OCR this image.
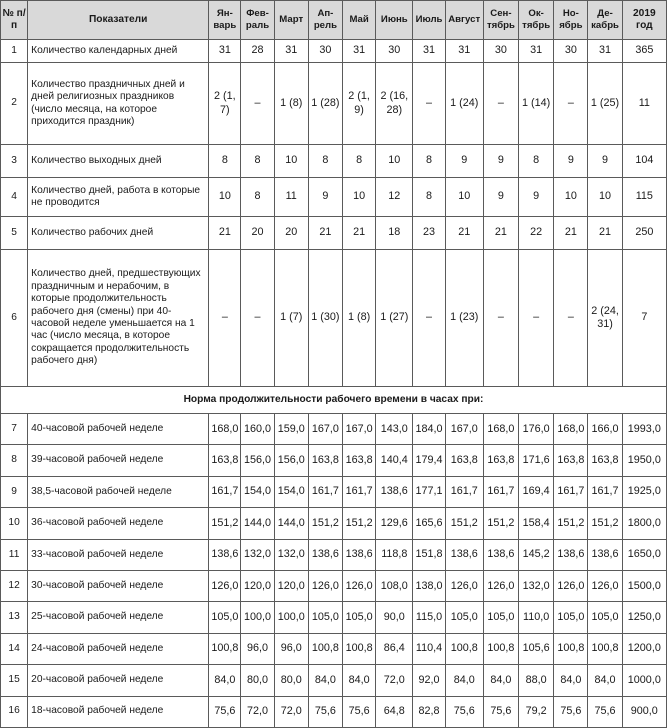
№ п/п	Показатели	Ян-варь	Фев-раль	Март	Ап-рель	Май	Июнь	Июль	Август	Сен-тябрь	Ок-тябрь	Но-ябрь	Де-кабрь	2019 год
1	Количество календарных дней	31	28	31	30	31	30	31	31	30	31	30	31	365
2	Количество праздничных дней и дней религиозных праздников (число месяца, на которое приходится праздник)	2 (1, 7)	–	1 (8)	1 (28)	2 (1, 9)	2 (16, 28)	–	1 (24)	–	1 (14)	–	1 (25)	11
3	Количество выходных дней	8	8	10	8	8	10	8	9	9	8	9	9	104
4	Количество дней, работа в которые не проводится	10	8	11	9	10	12	8	10	9	9	10	10	115
5	Количество рабочих дней	21	20	20	21	21	18	23	21	21	22	21	21	250
6	Количество дней, предшествующих праздничным и нерабочим, в которые продолжительность рабочего дня (смены) при 40-часовой неделе уменьшается на 1 час (число месяца, в которое сокращается продолжительность рабочего дня)	–	–	1 (7)	1 (30)	1 (8)	1 (27)	–	1 (23)	–	–	–	2 (24, 31)	7
Норма продолжительности рабочего времени в часах при:														
7	40-часовой рабочей неделе	168,0	160,0	159,0	167,0	167,0	143,0	184,0	167,0	168,0	176,0	168,0	166,0	1993,0
8	39-часовой рабочей неделе	163,8	156,0	156,0	163,8	163,8	140,4	179,4	163,8	163,8	171,6	163,8	163,8	1950,0
9	38,5-часовой рабочей неделе	161,7	154,0	154,0	161,7	161,7	138,6	177,1	161,7	161,7	169,4	161,7	161,7	1925,0
10	36-часовой рабочей неделе	151,2	144,0	144,0	151,2	151,2	129,6	165,6	151,2	151,2	158,4	151,2	151,2	1800,0
11	33-часовой рабочей неделе	138,6	132,0	132,0	138,6	138,6	118,8	151,8	138,6	138,6	145,2	138,6	138,6	1650,0
12	30-часовой рабочей неделе	126,0	120,0	120,0	126,0	126,0	108,0	138,0	126,0	126,0	132,0	126,0	126,0	1500,0
13	25-часовой рабочей неделе	105,0	100,0	100,0	105,0	105,0	90,0	115,0	105,0	105,0	110,0	105,0	105,0	1250,0
14	24-часовой рабочей неделе	100,8	96,0	96,0	100,8	100,8	86,4	110,4	100,8	100,8	105,6	100,8	100,8	1200,0
15	20-часовой рабочей неделе	84,0	80,0	80,0	84,0	84,0	72,0	92,0	84,0	84,0	88,0	84,0	84,0	1000,0
16	18-часовой рабочей неделе	75,6	72,0	72,0	75,6	75,6	64,8	82,8	75,6	75,6	79,2	75,6	75,6	900,0
